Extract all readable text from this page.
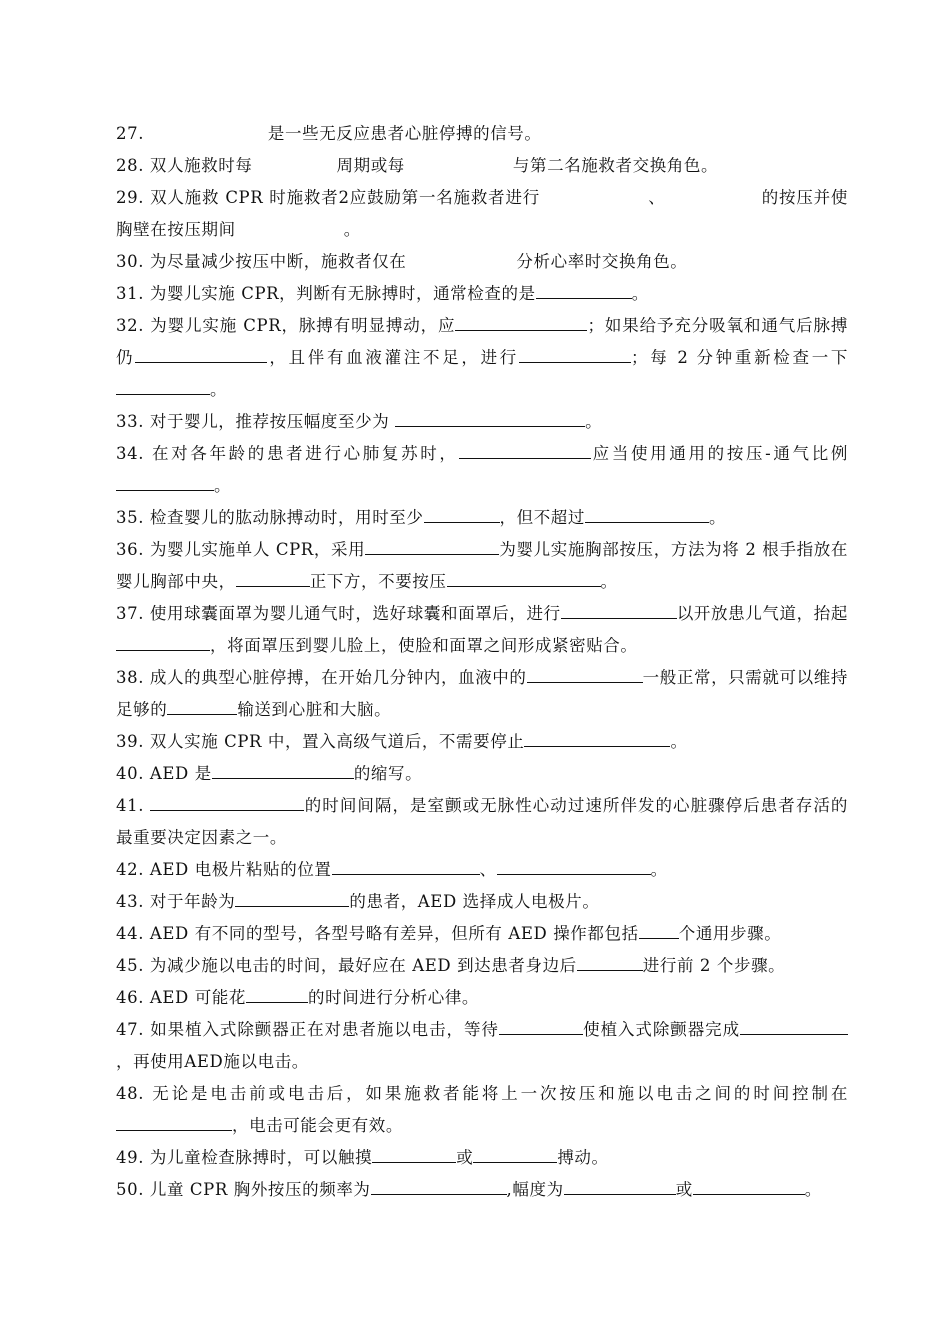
27.	是一些无反应患者心脏停搏的信号。

28. 双人施救时每	周期或每	与第二名施救者交换角色。

29. 双人施救 CPR 时施救者2应鼓励第一名施救者进行	、	的按压并使胸壁在按压期间	。

30. 为尽量减少按压中断，施救者仅在	分析心率时交换角色。

31. 为婴儿实施 CPR，判断有无脉搏时，通常检查的是	。

32. 为婴儿实施 CPR，脉搏有明显搏动，应	；如果给予充分吸氧和通气后脉搏仍	，且伴有血液灌注不足，进行	；每 2 分钟重新检查一下。

33. 对于婴儿，推荐按压幅度至少为	。

34. 在对各年龄的患者进行心肺复苏时，	应当使用通用的按压-通气比例。

35. 检查婴儿的肱动脉搏动时，用时至少	，但不超过	。

36. 为婴儿实施单人 CPR，采用	为婴儿实施胸部按压，方法为将 2 根手指放在婴儿胸部中央，	正下方，不要按压	。

37. 使用球囊面罩为婴儿通气时，选好球囊和面罩后，进行	以开放患儿气道，抬起，将面罩压到婴儿脸上，使脸和面罩之间形成紧密贴合。

38. 成人的典型心脏停搏，在开始几分钟内，血液中的	一般正常，只需就可以维持足够的	输送到心脏和大脑。

39. 双人实施 CPR 中，置入高级气道后，不需要停止	。

40. AED 是	的缩写。

41.	的时间间隔，是室颤或无脉性心动过速所伴发的心脏骤停后患者存活的最重要决定因素之一。

42. AED 电极片粘贴的位置	、	。

43. 对于年龄为	的患者，AED 选择成人电极片。

44. AED 有不同的型号，各型号略有差异，但所有 AED 操作都包括 个通用步骤。

45. 为减少施以电击的时间，最好应在 AED 到达患者身边后	进行前 2 个步骤。

46. AED 可能花	的时间进行分析心律。

47. 如果植入式除颤器正在对患者施以电击，等待	使植入式除颤器完成，再使用AED施以电击。

48. 无论是电击前或电击后，如果施救者能将上一次按压和施以电击之间的时间控制在，电击可能会更有效。

49. 为儿童检查脉搏时，可以触摸	或	搏动。

50. 儿童 CPR 胸外按压的频率为	,幅度为	或	。
